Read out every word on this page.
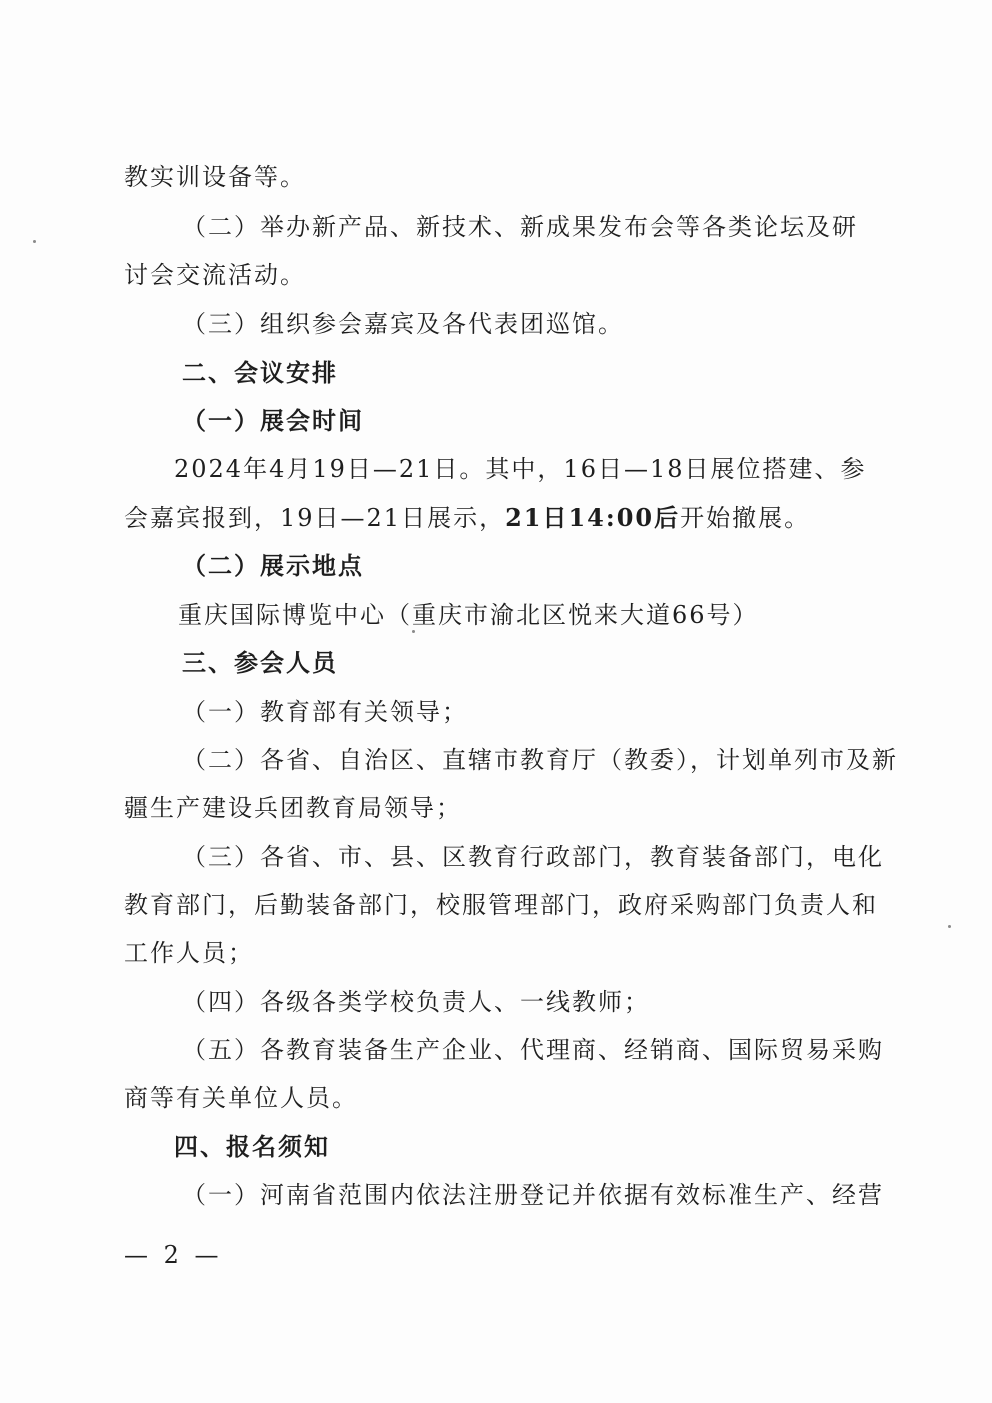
教实训设备等。
（二）举办新产品、新技术、新成果发布会等各类论坛及研
讨会交流活动。
（三）组织参会嘉宾及各代表团巡馆。
二、会议安排
（一）展会时间
2024年4月19日—21日。其中，16日—18日展位搭建、参
会嘉宾报到，19日—21日展示，21日14:00后开始撤展。
（二）展示地点
重庆国际博览中心（重庆市渝北区悦来大道66号）
三、参会人员
（一）教育部有关领导；
（二）各省、自治区、直辖市教育厅（教委），计划单列市及新
疆生产建设兵团教育局领导；
（三）各省、市、县、区教育行政部门，教育装备部门，电化
教育部门，后勤装备部门，校服管理部门，政府采购部门负责人和
工作人员；
（四）各级各类学校负责人、一线教师；
（五）各教育装备生产企业、代理商、经销商、国际贸易采购
商等有关单位人员。
四、报名须知
（一）河南省范围内依法注册登记并依据有效标准生产、经营
— 2 —
